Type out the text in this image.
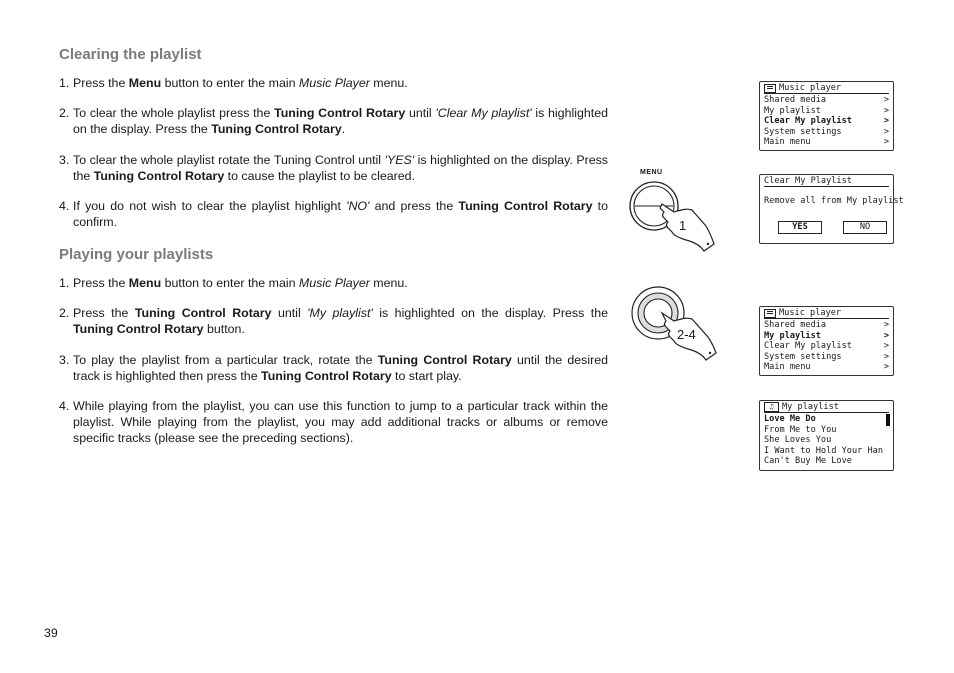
Clearing the playlist
1. Press the Menu button to enter the main Music Player menu.
2. To clear the whole playlist press the Tuning Control Rotary until 'Clear My playlist' is highlighted on the display. Press the Tuning Control Rotary.
3. To clear the whole playlist rotate the Tuning Control until 'YES' is highlighted on the display. Press the Tuning Control Rotary to cause the playlist to be cleared.
4. If you do not wish to clear the playlist highlight 'NO' and press the Tuning Control Rotary to confirm.
Playing your playlists
1. Press the Menu button to enter the main Music Player menu.
2. Press the Tuning Control Rotary until 'My playlist' is highlighted on the display. Press the Tuning Control Rotary button.
3. To play the playlist from a particular track, rotate the Tuning Control Rotary until the desired track is highlighted then press the Tuning Control Rotary to start play.
4. While playing from the playlist, you can use this function to jump to a particular track within the playlist. While playing from the playlist, you may add additional tracks or albums or remove specific tracks (please see the preceding sections).
39
MENU
1
2-4
Music player
Shared media	>
My playlist	>
Clear My playlist	>
System settings	>
Main menu	>
Clear My Playlist
Remove all from My playlist
YES	NO
Music player
Shared media	>
My playlist	>
Clear My playlist	>
System settings	>
Main menu	>
♫ My playlist
Love Me Do
From Me to You
She Loves You
I Want to Hold Your Han
Can't Buy Me Love
